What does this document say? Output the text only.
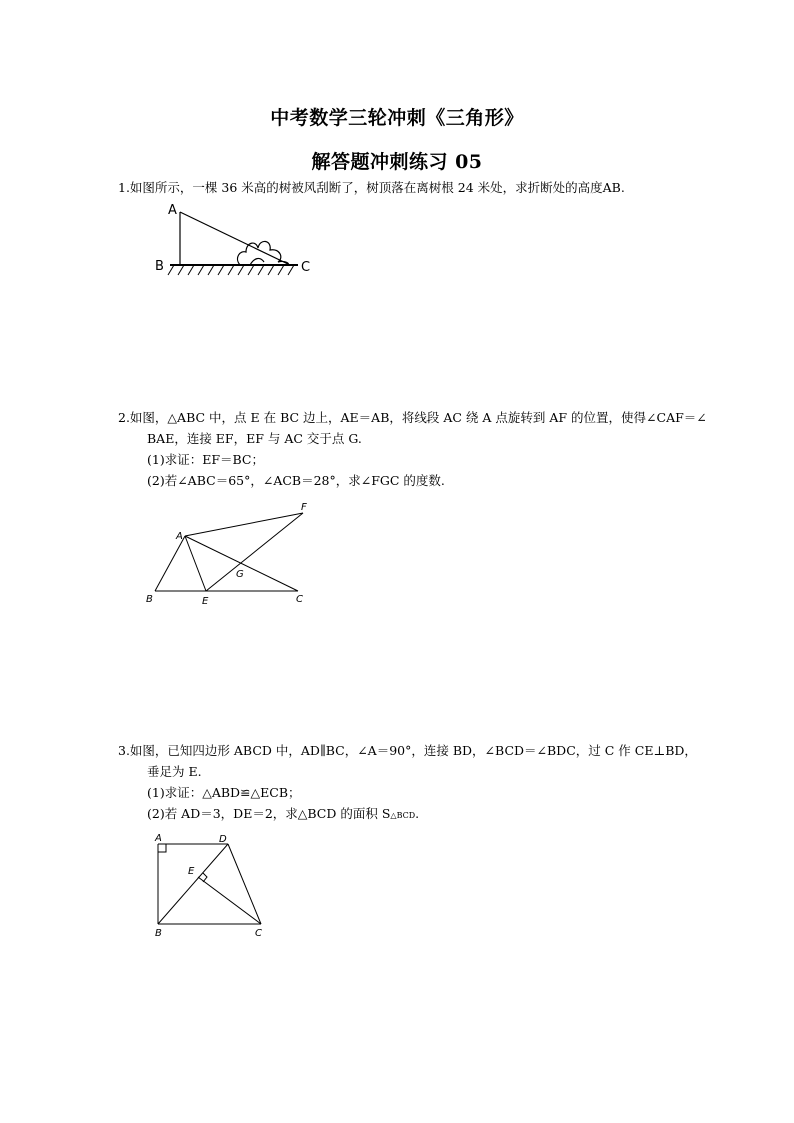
中考数学三轮冲刺《三角形》
解答题冲刺练习 05
1.如图所示，一棵 36 米高的树被风刮断了，树顶落在离树根 24 米处，求折断处的高度AB.
A
B	C
2.如图，△ABC 中，点 E 在 BC 边上，AE＝AB，将线段 AC 绕 A 点旋转到 AF 的位置，使得∠CAF＝∠
BAE，连接 EF，EF 与 AC 交于点 G.
(1)求证：EF＝BC；
(2)若∠ABC＝65°，∠ACB＝28°，求∠FGC 的度数.
A
B	E	C
F
G
3.如图，已知四边形 ABCD 中，AD∥BC，∠A＝90°，连接 BD，∠BCD＝∠BDC，过 C 作 CE⊥BD，
垂足为 E.
(1)求证：△ABD≌△ECB；
(2)若 AD＝3，DE＝2，求△BCD 的面积 S△BCD.
A	D
E
B	C
